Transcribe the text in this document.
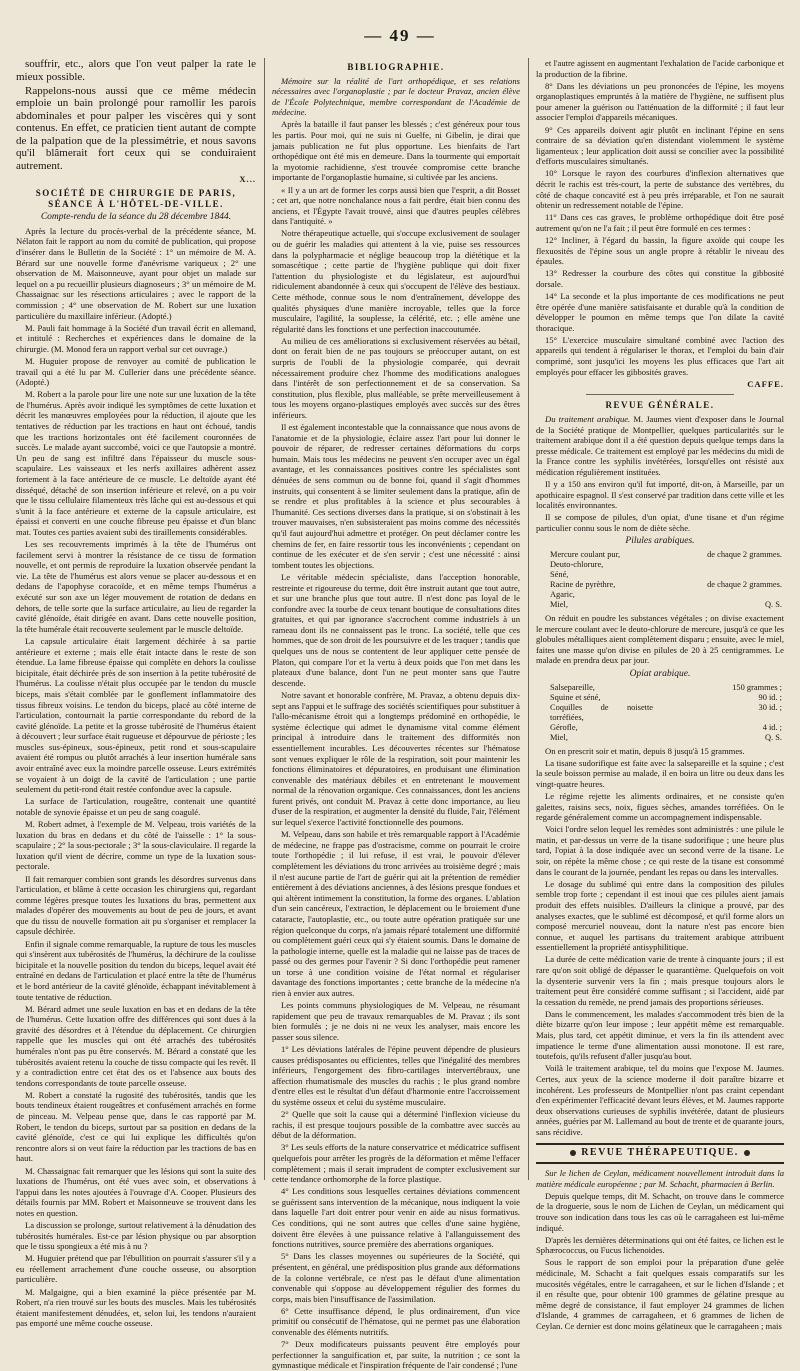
— 49 —

souffrir, etc., alors que l'on veut palper la rate le mieux possible.

Rappelons-nous aussi que ce même médecin emploie un bain prolongé pour ramollir les parois abdominales et pour palper les viscères qui y sont contenus. En effet, ce praticien tient autant de compte de la palpation que de la plessimétrie, et nous savons qu'il blâmerait fort ceux qui se conduiraient autrement.

X...
SOCIÉTÉ DE CHIRURGIE DE PARIS, SÉANCE À L'HÔTEL-DE-VILLE.
Compte-rendu de la séance du 28 décembre 1844.

Après la lecture du procès-verbal de la précédente séance, M. Nélaton fait le rapport au nom du comité de publication, qui propose d'insérer dans le Bulletin de la Société : 1° un mémoire de M. A. Bérard sur une nouvelle forme d'anévrisme variqueux ; 2° une observation de M. Maisonneuve, ayant pour objet un malade sur lequel on a pu recueillir plusieurs diagnoseurs ; 3° un mémoire de M. Chassaignac sur les résections articulaires ; avec le rapport de la commission ; 4° une observation de M. Robert sur une luxation particulière du maxillaire inférieur. (Adopté.)

M. Pauli fait hommage à la Société d'un travail écrit en allemand, et intitulé : Recherches et expériences dans le domaine de la chirurgie. (M. Monod fera un rapport verbal sur cet ouvrage.)

M. Huguier propose de renvoyer au comité de publication le travail qui a été lu par M. Cullerier dans une précédente séance. (Adopté.)

M. Robert a la parole pour lire une note sur une luxation de la tête de l'humérus. Après avoir indiqué les symptômes de cette luxation et décrit les manœuvres employées pour la réduction, il ajoute que les tentatives de réduction par les tractions en haut ont échoué, tandis que les tractions horizontales ont été facilement couronnées de succès. Le malade ayant succombé, voici ce que l'autopsie a montré. Un peu de sang est infiltré dans l'épaisseur du muscle sous-scapulaire. Les vaisseaux et les nerfs axillaires adhèrent assez fortement à la face antérieure de ce muscle. Le deltoïde ayant été disséqué, détaché de son insertion inférieure et relevé, on a pu voir que le tissu cellulaire filamenteux très lâche qui est au-dessous et qui s'unit à la face antérieure et externe de la capsule articulaire, est épaissi et converti en une couche fibreuse peu épaisse et d'un blanc mat. Toutes ces parties avaient subi des tiraillements considérables.

Les ses recouvrements imprimés à la tête de l'humérus ont facilement servi à montrer la résistance de ce tissu de formation nouvelle, et ont permis de reproduire la luxation observée pendant la vie. La tête de l'humérus est alors venue se placer au-dessous et en dedans de l'apophyse coracoïde, et en même temps l'humérus a exécuté sur son axe un léger mouvement de rotation de dedans en dehors, de telle sorte que la surface articulaire, au lieu de regarder la cavité glénoïde, était dirigée en avant. Dans cette nouvelle position, la tête humérale était recouverte seulement par le muscle deltoïde.

La capsule articulaire était largement déchirée à sa partie antérieure et externe ; mais elle était intacte dans le reste de son étendue. La lame fibreuse épaisse qui complète en dehors la coulisse bicipitale, était déchirée près de son insertion à la petite tubérosité de l'humérus. La coulisse n'était plus occupée par le tendon du muscle biceps, mais s'était comblée par le gonflement inflammatoire des tissus fibreux voisins. Le tendon du biceps, placé au côté interne de l'articulation, contournait la partie correspondante du rebord de la cavité glénoïde. La petite et la grosse tubérosité de l'humérus étaient à découvert ; leur surface était rugueuse et dépourvue de périoste ; les muscles sus-épineux, sous-épineux, petit rond et sous-scapulaire avaient été rompus ou plutôt arrachés à leur insertion humérale sans avoir entraîné avec eux la moindre parcelle osseuse. Leurs extrémités se voyaient à un doigt de la cavité de l'articulation ; une partie seulement du petit-rond était restée confondue avec la capsule.

La surface de l'articulation, rougeâtre, contenait une quantité notable de synovie épaisse et un peu de sang coagulé.

M. Robert admet, à l'exemple de M. Velpeau, trois variétés de la luxation du bras en dedans et du côté de l'aisselle : 1° la sous-scapulaire ; 2° la sous-pectorale ; 3° la sous-claviculaire. Il regarde la luxation qu'il vient de décrire, comme un type de la luxation sous-pectorale.

Il fait remarquer combien sont grands les désordres survenus dans l'articulation, et blâme à cette occasion les chirurgiens qui, regardant comme légères presque toutes les luxations du bras, permettent aux malades d'opérer des mouvements au bout de peu de jours, et avant que du tissu de nouvelle formation ait pu s'organiser et remplacer la capsule déchirée.

Enfin il signale comme remarquable, la rupture de tous les muscles qui s'insèrent aux tubérosités de l'humérus, la déchirure de la coulisse bicipitale et la nouvelle position du tendon du biceps, lequel avait été entraîné en dedans de l'articulation et placé entre la tête de l'humérus et le bord antérieur de la cavité glénoïde, échappant inévitablement à toute tentative de réduction.

M. Bérard admet une seule luxation en bas et en dedans de la tête de l'humérus. Cette luxation offre des différences qui sont dues à la gravité des désordres et à l'étendue du déplacement. Ce chirurgien rappelle que les muscles qui ont été arrachés des tubérosités humérales n'ont pas pu être conservés. M. Bérard a constaté que les tubérosités avaient retenu la couche de tissu compacte qui les revêt. Il y a contradiction entre cet état des os et l'absence aux bouts des tendons correspondants de toute parcelle osseuse.

M. Robert a constaté la rugosité des tubérosités, tandis que les bouts tendineux étaient rougeâtres et confusément arrachés en forme de pinceau. M. Velpeau pense que, dans le cas rapporté par M. Robert, le tendon du biceps, surtout par sa position en dedans de la cavité glénoïde, c'est ce qui lui explique les difficultés qu'on rencontre alors si on veut faire la réduction par les tractions de bas en haut.

M. Chassaignac fait remarquer que les lésions qui sont la suite des luxations de l'humérus, ont été vues avec soin, et observations à l'appui dans les notes ajoutées à l'ouvrage d'A. Cooper. Plusieurs des détails fournis par MM. Robert et Maisonneuve se trouvent dans les notes en question.

La discussion se prolonge, surtout relativement à la dénudation des tubérosités humérales. Est-ce par lésion physique ou par absorption que le tissu spongieux a été mis à nu ?

M. Huguier prétend que par l'ébullition on pourrait s'assurer s'il y a eu réellement arrachement d'une couche osseuse, ou absorption particulière.

M. Malgaigne, qui a bien examiné la pièce présentée par M. Robert, n'a rien trouvé sur les bouts des muscles. Mais les tubérosités étaient manifestement dénudées, et, selon lui, les tendons n'auraient pas emporté une même couche osseuse.

BIBLIOGRAPHIE.

Mémoire sur la réalité de l'art orthopédique, et ses relations nécessaires avec l'organoplastie ; par le docteur Pravaz, ancien élève de l'École Polytechnique, membre correspondant de l'Académie de médecine.

Après la bataille il faut panser les blessés ; c'est généreux pour tous les partis. Pour moi, qui ne suis ni Guelfe, ni Gibelin, je dirai que jamais publication ne fut plus opportune. Les bienfaits de l'art orthopédique ont été mis en demeure. Dans la tourmente qui emportait la myotomie rachidienne, s'est trouvée compromise cette branche importante de l'organoplastie humaine, si cultivée par les anciens.

« Il y a un art de former les corps aussi bien que l'esprit, a dit Bosset ; cet art, que notre nonchalance nous a fait perdre, était bien connu des anciens, et l'Égypte l'avait trouvé, ainsi que d'autres peuples célèbres dans l'antiquité. »

Notre thérapeutique actuelle, qui s'occupe exclusivement de soulager ou de guérir les maladies qui attentent à la vie, puise ses ressources dans la polypharmacie et néglige beaucoup trop la diététique et la somascétique ; cette partie de l'hygiène publique qui doit fixer l'attention du physiologiste et du législateur, est aujourd'hui ridiculement abandonnée à ceux qui s'occupent de l'élève des bestiaux. Cette méthode, connue sous le nom d'entraînement, développe des qualités physiques d'une manière incroyable, telles que la force musculaire, l'agilité, la souplesse, la célérité, etc. ; elle amène une régularité dans les fonctions et une perfection inaccoutumée.

Au milieu de ces améliorations si exclusivement réservées au bétail, dont on ferait bien de ne pas toujours se préoccuper autant, on est surpris de l'oubli de la physiologie comparée, qui devrait nécessairement produire chez l'homme des modifications analogues dans l'intérêt de son perfectionnement et de sa conservation. Sa constitution, plus flexible, plus malléable, se prête merveilleusement à tous les moyens organo-plastiques employés avec succès sur des êtres inférieurs.

Il est également incontestable que la connaissance que nous avons de l'anatomie et de la physiologie, éclaire assez l'art pour lui donner le pouvoir de réparer, de redresser certaines déformations du corps humain. Mais tous les médecins ne peuvent s'en occuper avec un égal avantage, et les connaissances positives contre les spécialistes sont dénuées de sens commun ou de bonne foi, quand il s'agit d'hommes instruits, qui consentent à se limiter seulement dans la pratique, afin de se rendre et plus profitables à la science et plus secourables à l'humanité. Ces sections diverses dans la pratique, si on s'obstinait à les trouver mauvaises, n'en subsisteraient pas moins comme des nécessités qu'il faut aujourd'hui admettre et protéger. On peut déclamer contre les chemins de fer, en faire ressortir tous les inconvénients ; cependant on continue de les exécuter et de s'en servir ; c'est une nécessité : ainsi tombent toutes les objections.

Le véritable médecin spécialiste, dans l'acception honorable, restreinte et rigoureuse du terme, doit être instruit autant que tout autre, et sur une branche plus que tout autre. Il n'est donc pas loyal de le confondre avec la tourbe de ceux tenant boutique de consultations dites gratuites, et qui par ignorance s'accrochent comme industriels à un rameau dont ils ne connaissent pas le tronc. La société, telle que ces hommes, que de son droit de les poursuivre et de les traquer ; tandis que quelques uns de nous se contentent de leur appliquer cette pensée de Platon, qui compare l'or et la vertu à deux poids que l'on met dans les plateaux d'une balance, dont l'un ne peut monter sans que l'autre descende.

Notre savant et honorable confrère, M. Pravaz, a obtenu depuis dix-sept ans l'appui et le suffrage des sociétés scientifiques pour substituer à l'allo-mécanisme étroit qui a longtemps prédominé en orthopédie, le système éclectique qui admet le dynamisme vital comme élément principal à introduire dans le traitement des difformités non essentiellement incurables. Les découvertes récentes sur l'hématose sont venues expliquer le rôle de la respiration, soit pour maintenir les fonctions éliminatoires et dépuratoires, en produisant une élimination convenable des matériaux débiles et en entretenant le mouvement normal de la rénovation organique. Ces connaissances, dont les anciens furent privés, ont conduit M. Pravaz à cette donc importance, au lieu d'user de la respiration, et augmenter la densité du fluide, l'air, l'élément sur lequel s'exerce l'activité fonctionnelle des poumons.

M. Velpeau, dans son habile et très remarquable rapport à l'Académie de médecine, ne frappe pas d'ostracisme, comme on pourrait le croire toute l'orthopédie ; il lui refuse, il est vrai, le pouvoir d'élever complètement les déviations du tronc arrivées au troisième degré ; mais il n'est aucune partie de l'art de guérir qui ait la prétention de remédier entièrement à des déviations anciennes, à des lésions presque fondues et qui altèrent intimement la constitution, la forme des organes. L'ablation d'un sein cancéreux, l'extraction, le déplacement ou le broiement d'une cataracte, l'autoplastie, etc., ou toute autre opération pratiquée sur une région quelconque du corps, n'a jamais réparé totalement une difformité ou complètement guéri ceux qui s'y étaient soumis. Dans le domaine de la pathologie interne, quelle est la maladie qui ne laisse pas de traces de passé ou des germes pour l'avenir ? Si donc l'orthopédie peut ramener un torse à une condition voisine de l'état normal et régulariser davantage des fonctions importantes ; cette branche de la médecine n'a rien à envier aux autres.

Les points communs physiologiques de M. Velpeau, ne résumant rapidement que peu de travaux remarquables de M. Pravaz ; ils sont bien formulés ; je ne dois ni ne veux les analyser, mais encore les passer sous silence.

1° Les déviations latérales de l'épine peuvent dépendre de plusieurs causes prédisposantes ou efficientes, telles que l'inégalité des membres inférieurs, l'engorgement des fibro-cartilages intervertébraux, une affection rhumatismale des muscles du rachis ; le plus grand nombre d'entre elles est le résultat d'un défaut d'harmonie entre l'accroissement du système osseux et celui du système musculaire.

2° Quelle que soit la cause qui a déterminé l'inflexion vicieuse du rachis, il est presque toujours possible de la combattre avec succès au début de la déformation.

3° Les seuls efforts de la nature conservatrice et médicatrice suffisent quelquefois pour arrêter les progrès de la déformation et même l'effacer complètement ; mais il serait imprudent de compter exclusivement sur cette tendance orthomorphe de la force plastique.

4° Les conditions sous lesquelles certaines déviations commencent se guérissent sans intervention de la mécanique, nous indiquent la voie dans laquelle l'art doit entrer pour venir en aide au nisus formativus. Ces conditions, qui ne sont autres que celles d'une saine hygiène, doivent être élevées à une puissance relative à l'allanguissement des fonctions nutritives, source première des aberrations organiques.

5° Dans les classes moyennes ou supérieures de la Société, qui présentent, en général, une prédisposition plus grande aux déformations de la colonne vertébrale, ce n'est pas le défaut d'une alimentation convenable qui s'oppose au développement régulier des formes du corps, mais bien l'insuffisance de l'assimilation.

6° Cette insuffisance dépend, le plus ordinairement, d'un vice primitif ou consécutif de l'hématose, qui ne permet pas une élaboration convenable des éléments nutritifs.

7° Deux modificateurs puissants peuvent être employés pour perfectionner la sanguification et, par suite, la nutrition ; ce sont la gymnastique médicale et l'inspiration fréquente de l'air condensé ; l'une

et l'autre agissent en augmentant l'exhalation de l'acide carbonique et la production de la fibrine.

8° Dans les déviations un peu prononcées de l'épine, les moyens organoplastiques empruntés à la matière de l'hygiène, ne suffisent plus pour amener la guérison ou l'atténuation de la difformité ; il faut leur associer l'emploi d'appareils mécaniques.

9° Ces appareils doivent agir plutôt en inclinant l'épine en sens contraire de sa déviation qu'en distendant violemment le système ligamenteux ; leur application doit aussi se concilier avec la possibilité d'efforts musculaires simultanés.

10° Lorsque le rayon des courbures d'inflexion alternatives que décrit le rachis est très-court, la perte de substance des vertèbres, du côté de chaque concavité est à peu près irréparable, et l'on ne saurait obtenir un redressement notable de l'épine.

11° Dans ces cas graves, le problème orthopédique doit être posé autrement qu'on ne l'a fait ; il peut être formulé en ces termes :

12° Incliner, à l'égard du bassin, la figure axoïde qui coupe les flexuosités de l'épine sous un angle propre à rétablir le niveau des épaules.

13° Redresser la courbure des côtes qui constitue la gibbosité dorsale.

14° La seconde et la plus importante de ces modifications ne peut être opérée d'une manière satisfaisante et durable qu'à la condition de développer le poumon en même temps que l'on dilate la cavité thoracique.

15° L'exercice musculaire simultané combiné avec l'action des appareils qui tendent à régulariser le thorax, et l'emploi du bain d'air comprimé, sont jusqu'ici les moyens les plus efficaces que l'art ait employés pour effacer les gibbosités graves.

CAFFE.
REVUE GÉNÉRALE.

Du traitement arabique. M. Jaumes vient d'exposer dans le Journal de la Société pratique de Montpellier, quelques particularités sur le traitement arabique dont il a été question depuis quelque temps dans la presse médicale. Ce traitement est employé par les médecins du midi de la France contre les syphilis invétérées, lorsqu'elles ont résisté aux médication régulièrement instituées.

Il y a 150 ans environ qu'il fut importé, dit-on, à Marseille, par un apothicaire espagnol. Il s'est conservé par tradition dans cette ville et les localités environnantes.

Il se compose de pilules, d'un opiat, d'une tisane et d'un régime particulier connu sous le nom de diète sèche.

Pilules arabiques.
Mercure coulant pur,	de chaque 2 grammes.
Deuto-chlorure,	
Séné,	
Racine de pyrèthre,	de chaque 2 grammes.
Agaric,	
Miel,	Q. S.

On réduit en poudre les substances végétales ; on divise exactement le mercure coulant avec le deuto-chlorure de mercure, jusqu'à ce que les globules métalliques aient complètement disparu ; ensuite, avec le miel, faites une masse qu'on divise en pilules de 20 à 25 centigrammes. Le malade en prendra deux par jour.

Opiat arabique.
Salsepareille,	150 grammes ;
Squine et séné,	90 id. ;
Coquilles de noisette torréfiées,	30 id. ;
Gérofle,	4 id. ;
Miel,	Q. S.

On en prescrit soir et matin, depuis 8 jusqu'à 15 grammes.

La tisane sudorifique est faite avec la salsepareille et la squine ; c'est la seule boisson permise au malade, il en boira un litre ou deux dans les vingt-quatre heures.

Le régime rejette les aliments ordinaires, et ne consiste qu'en galettes, raisins secs, noix, figues sèches, amandes torréfiées. On le regarde généralement comme un accompagnement indispensable.

Voici l'ordre selon lequel les remèdes sont administrés : une pilule le matin, et par-dessus un verre de la tisane sudorifique ; une heure plus tard, l'opiat à la dose indiquée avec un second verre de la tisane. Le soir, on répète la même chose ; ce qui reste de la tisane est consommé dans le courant de la journée, pendant les repas ou dans les intervalles.

Le dosage du sublimé qui entre dans la composition des pilules semble trop forte ; cependant il est inoui que ces pilules aient jamais produit des effets nuisibles. D'ailleurs la clinique a prouvé, par des analyses exactes, que le sublimé est décomposé, et qu'il forme alors un composé mercuriel nouveau, dont la nature n'est pas encore bien connue, et auquel les partisans du traitement arabique attribuent essentiellement la propriété antisyphilitique.

La durée de cette médication varie de trente à cinquante jours ; il est rare qu'on soit obligé de dépasser le quarantième. Quelquefois on voit la dysenterie survenir vers la fin ; mais presque toujours alors le traitement peut être considéré comme suffisant ; si l'accident, aidé par la cessation du remède, ne prend jamais des proportions sérieuses.

Dans le commencement, les malades s'accommodent très bien de la diète bizarre qu'on leur impose ; leur appétit même est remarquable. Mais, plus tard, cet appétit diminue, et vers la fin ils attendent avec impatience le terme d'une alimentation aussi monotone. Il est rare, toutefois, qu'ils refusent d'aller jusqu'au bout.

Voilà le traitement arabique, tel du moins que l'expose M. Jaumes. Certes, aux yeux de la science moderne il doit paraître bizarre et incohérent. Les professeurs de Montpellier n'ont pas craint cependant d'en expérimenter l'efficacité devant leurs élèves, et M. Jaumes rapporte deux observations curieuses de syphilis invétérée, datant de plusieurs années, guéries par M. Lallemand au bout de trente et de quarante jours, sans récidive.

REVUE THÉRAPEUTIQUE.

Sur le lichen de Ceylan, médicament nouvellement introduit dans la matière médicale européenne ; par M. Schacht, pharmacien à Berlin.

Depuis quelque temps, dit M. Schacht, on trouve dans le commerce de la droguerie, sous le nom de Lichen de Ceylan, un médicament qui trouve son indication dans tous les cas où le carragaheen est lui-même indiqué.

D'après les dernières déterminations qui ont été faites, ce lichen est le Sphærococcus, ou Fucus lichenoides.

Sous le rapport de son emploi pour la préparation d'une gelée médicinale, M. Schacht a fait quelques essais comparatifs sur les mucosités végétales, entre le carragaheen, et sur le lichen d'Islande ; et il en résulte que, pour obtenir 100 grammes de gélatine presque au même degré de consistance, il faut employer 24 grammes de lichen d'Islande, 4 grammes de carragaheen, et 6 grammes de lichen de Ceylan. Ce dernier est donc moins gélatineux que le carragaheen ; mais
